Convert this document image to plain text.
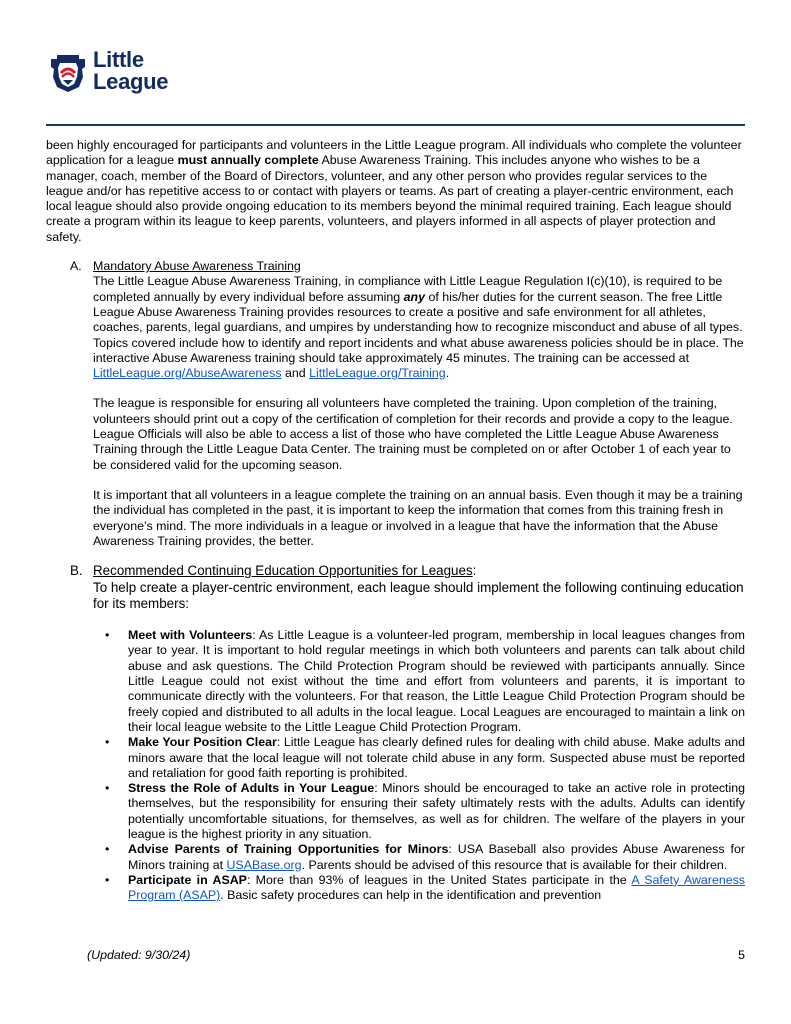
Little
League

been highly encouraged for participants and volunteers in the Little League program. All individuals who complete the volunteer application for a league must annually complete Abuse Awareness Training. This includes anyone who wishes to be a manager, coach, member of the Board of Directors, volunteer, and any other person who provides regular services to the league and/or has repetitive access to or contact with players or teams. As part of creating a player-centric environment, each local league should also provide ongoing education to its members beyond the minimal required training. Each league should create a program within its league to keep parents, volunteers, and players informed in all aspects of player protection and safety.

A. Mandatory Abuse Awareness Training

The Little League Abuse Awareness Training, in compliance with Little League Regulation I(c)(10), is required to be completed annually by every individual before assuming any of his/her duties for the current season. The free Little League Abuse Awareness Training provides resources to create a positive and safe environment for all athletes, coaches, parents, legal guardians, and umpires by understanding how to recognize misconduct and abuse of all types. Topics covered include how to identify and report incidents and what abuse awareness policies should be in place. The interactive Abuse Awareness training should take approximately 45 minutes. The training can be accessed at LittleLeague.org/AbuseAwareness and LittleLeague.org/Training.

The league is responsible for ensuring all volunteers have completed the training. Upon completion of the training, volunteers should print out a copy of the certification of completion for their records and provide a copy to the league. League Officials will also be able to access a list of those who have completed the Little League Abuse Awareness Training through the Little League Data Center. The training must be completed on or after October 1 of each year to be considered valid for the upcoming season.

It is important that all volunteers in a league complete the training on an annual basis. Even though it may be a training the individual has completed in the past, it is important to keep the information that comes from this training fresh in everyone’s mind. The more individuals in a league or involved in a league that have the information that the Abuse Awareness Training provides, the better.

B. Recommended Continuing Education Opportunities for Leagues:

To help create a player-centric environment, each league should implement the following continuing education for its members:

• Meet with Volunteers: As Little League is a volunteer-led program, membership in local leagues changes from year to year. It is important to hold regular meetings in which both volunteers and parents can talk about child abuse and ask questions. The Child Protection Program should be reviewed with participants annually. Since Little League could not exist without the time and effort from volunteers and parents, it is important to communicate directly with the volunteers. For that reason, the Little League Child Protection Program should be freely copied and distributed to all adults in the local league. Local Leagues are encouraged to maintain a link on their local league website to the Little League Child Protection Program.
• Make Your Position Clear: Little League has clearly defined rules for dealing with child abuse. Make adults and minors aware that the local league will not tolerate child abuse in any form. Suspected abuse must be reported and retaliation for good faith reporting is prohibited.
• Stress the Role of Adults in Your League: Minors should be encouraged to take an active role in protecting themselves, but the responsibility for ensuring their safety ultimately rests with the adults. Adults can identify potentially uncomfortable situations, for themselves, as well as for children. The welfare of the players in your league is the highest priority in any situation.
• Advise Parents of Training Opportunities for Minors: USA Baseball also provides Abuse Awareness for Minors training at USABase.org. Parents should be advised of this resource that is available for their children.
• Participate in ASAP: More than 93% of leagues in the United States participate in the A Safety Awareness Program (ASAP). Basic safety procedures can help in the identification and prevention
(Updated: 9/30/24)	5
